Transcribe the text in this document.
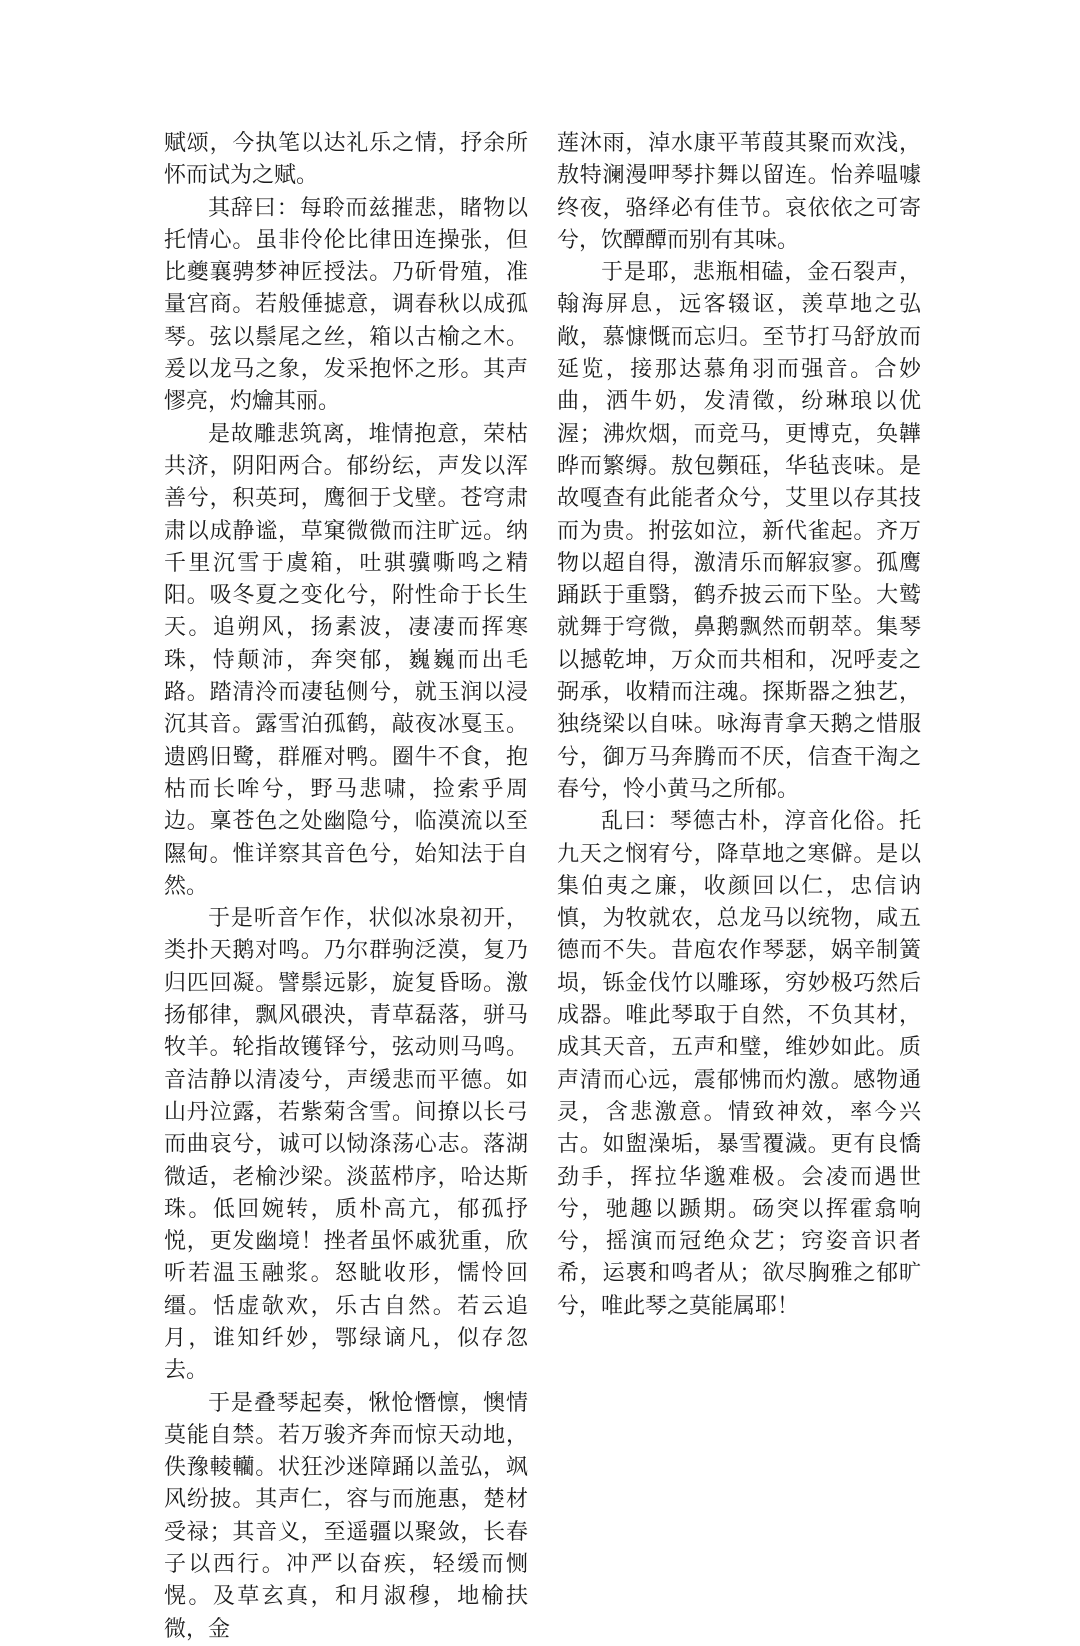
赋颂，今执笔以达礼乐之情，抒余所怀而试为之赋。

其辞曰：每聆而兹摧悲，睹物以托情心。虽非伶伦比律田连操张，但比夔襄骋梦神匠授法。乃斫骨殖，准量宫商。若般倕摅意，调春秋以成孤琴。弦以鬃尾之丝，箱以古榆之木。爰以龙马之象，发采抱怀之形。其声憀亮，灼爚其丽。

是故雕悲筑离，堆情抱意，荣枯共济，阴阳两合。郁纷纭，声发以浑善兮，积英珂，鹰徊于戈壁。苍穹肃肃以成静谧，草窠微微而注旷远。纳千里沉雪于虞箱，吐骐骥嘶鸣之精阳。吸冬夏之变化兮，附性命于长生天。追朔风，扬素波，凄凄而挥寒珠，恃颠沛，奔突郁，巍巍而出毛路。踏清泠而凄毡侧兮，就玉润以浸沉其音。露雪泊孤鹤，敲夜冰戛玉。遗鸥旧鹭，群雁对鸭。圈牛不食，抱枯而长哞兮，野马悲啸，捡索乎周边。稟苍色之处幽隐兮，临漠流以至隰甸。惟详察其音色兮，始知法于自然。

于是听音乍作，状似冰泉初开，类扑天鹅对鸣。乃尔群驹泛漠，复乃归匹回凝。譬鬃远影，旋复昏旸。激扬郁律，飘风碨泱，青草磊落，骈马牧羊。轮指故镬铎兮，弦动则马鸣。音洁静以清凌兮，声缓悲而平德。如山丹泣露，若紫菊含雪。间撩以长弓而曲哀兮，诚可以恸涤荡心志。落湖微适，老榆沙梁。淡蓝栉序，哈达斯珠。低回婉转，质朴高亢，郁孤抒悦，更发幽境！挫者虽怀戚犹重，欣听若温玉融浆。怒眦收形，懦怜回缰。恬虚欹欢，乐古自然。若云追月，谁知纤妙，鄂绿谪凡，似存忽去。

于是叠琴起奏，愀怆憯懔，懊情莫能自禁。若万骏齐奔而惊天动地，佚豫輘轥。状狂沙迷障踊以盖弘，飒风纷披。其声仁，容与而施惠，楚材受禄；其音义，至遥疆以聚敛，长春子以西行。冲严以奋疾，轻缓而恻愰。及草玄真，和月淑穆，地榆扶微，金

莲沐雨，淖水康平苇葭其聚而欢浅，敖特澜漫呷琴抃舞以留连。怡养嗢噱终夜，骆绎必有佳节。哀依依之可寄兮，饮醰醰而别有其味。

于是耶，悲瓶相磕，金石裂声，翰海屏息，远客辍讴，羡草地之弘敞，慕慷慨而忘归。至节打马舒放而延览，接那达慕角羽而强音。合妙曲，洒牛奶，发清徵，纷琳琅以优渥；沸炊烟，而竞马，更博克，奂韡晔而繁缛。敖包顭砡，华毡丧味。是故嘎查有此能者众兮，艾里以存其技而为贵。拊弦如泣，新代雀起。齐万物以超自得，激清乐而解寂寥。孤鹰踊跃于重翳，鹤乔披云而下坠。大鹫就舞于穹微，鼻鹅飘然而朝萃。集琴以撼乾坤，万众而共相和，况呼麦之弼承，收精而注魂。探斯器之独艺，独绕梁以自味。咏海青拿天鹅之惜服兮，御万马奔腾而不厌，信查干淘之春兮，怜小黄马之所郁。

乱曰：琴德古朴，淳音化俗。托九天之悯宥兮，降草地之寒僻。是以集伯夷之廉，收颜回以仁，忠信讷慎，为牧就农，总龙马以统物，咸五德而不失。昔庖农作琴瑟，娲辛制簧埙，铄金伐竹以雕琢，穷妙极巧然后成器。唯此琴取于自然，不负其材，成其天音，五声和璧，维妙如此。质声清而心远，震郁怫而灼激。感物通灵，含悲激意。情致神效，率今兴古。如盥澡垢，暴雪覆濊。更有良憍劲手，挥拉华邈难极。会凌而遇世兮，驰趣以踬期。砀突以挥霍翕响兮，摇演而冠绝众艺；窍姿音识者希，运褭和鸣者从；欲尽胸雅之郁旷兮，唯此琴之莫能属耶！
